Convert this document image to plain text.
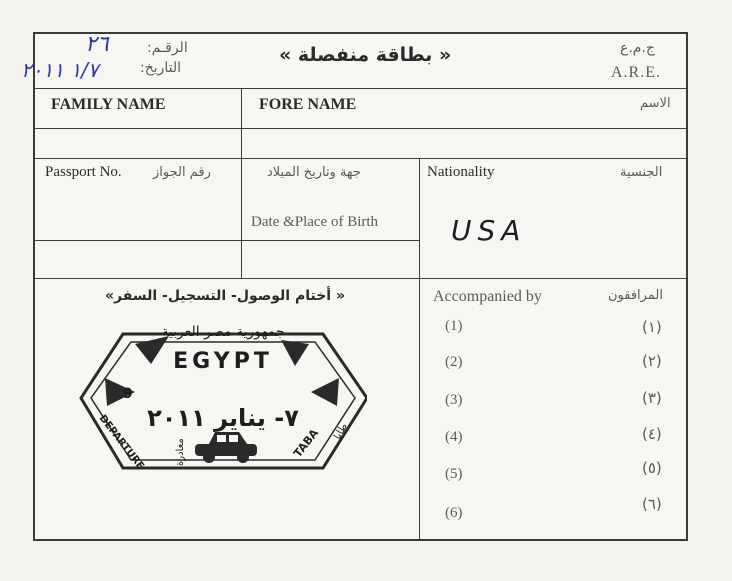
الرقـم:
التاريخ:
٢٦
١/٧ ٢٠١١
« بطاقة منفصلة »	ج.م.ع
A.R.E.
FAMILY NAME	FORE NAME	الاسم
Passport No. رقم الجواز	جهة وتاريخ الميلاد
Date &Place of Birth
Nationality	الجنسية
USA
« أختام الوصول- التسجيل- السفر»
جمهورية مصر العربية
EGYPT
9
٧- يناير ٢٠١١
DEPARTURE	TABA
مغادرة
طابا
Accompanied by	المرافقون
(1)	(١)
(2)	(٢)
(3)	(٣)
(4)	(٤)
(5)	(٥)
(6)	(٦)
